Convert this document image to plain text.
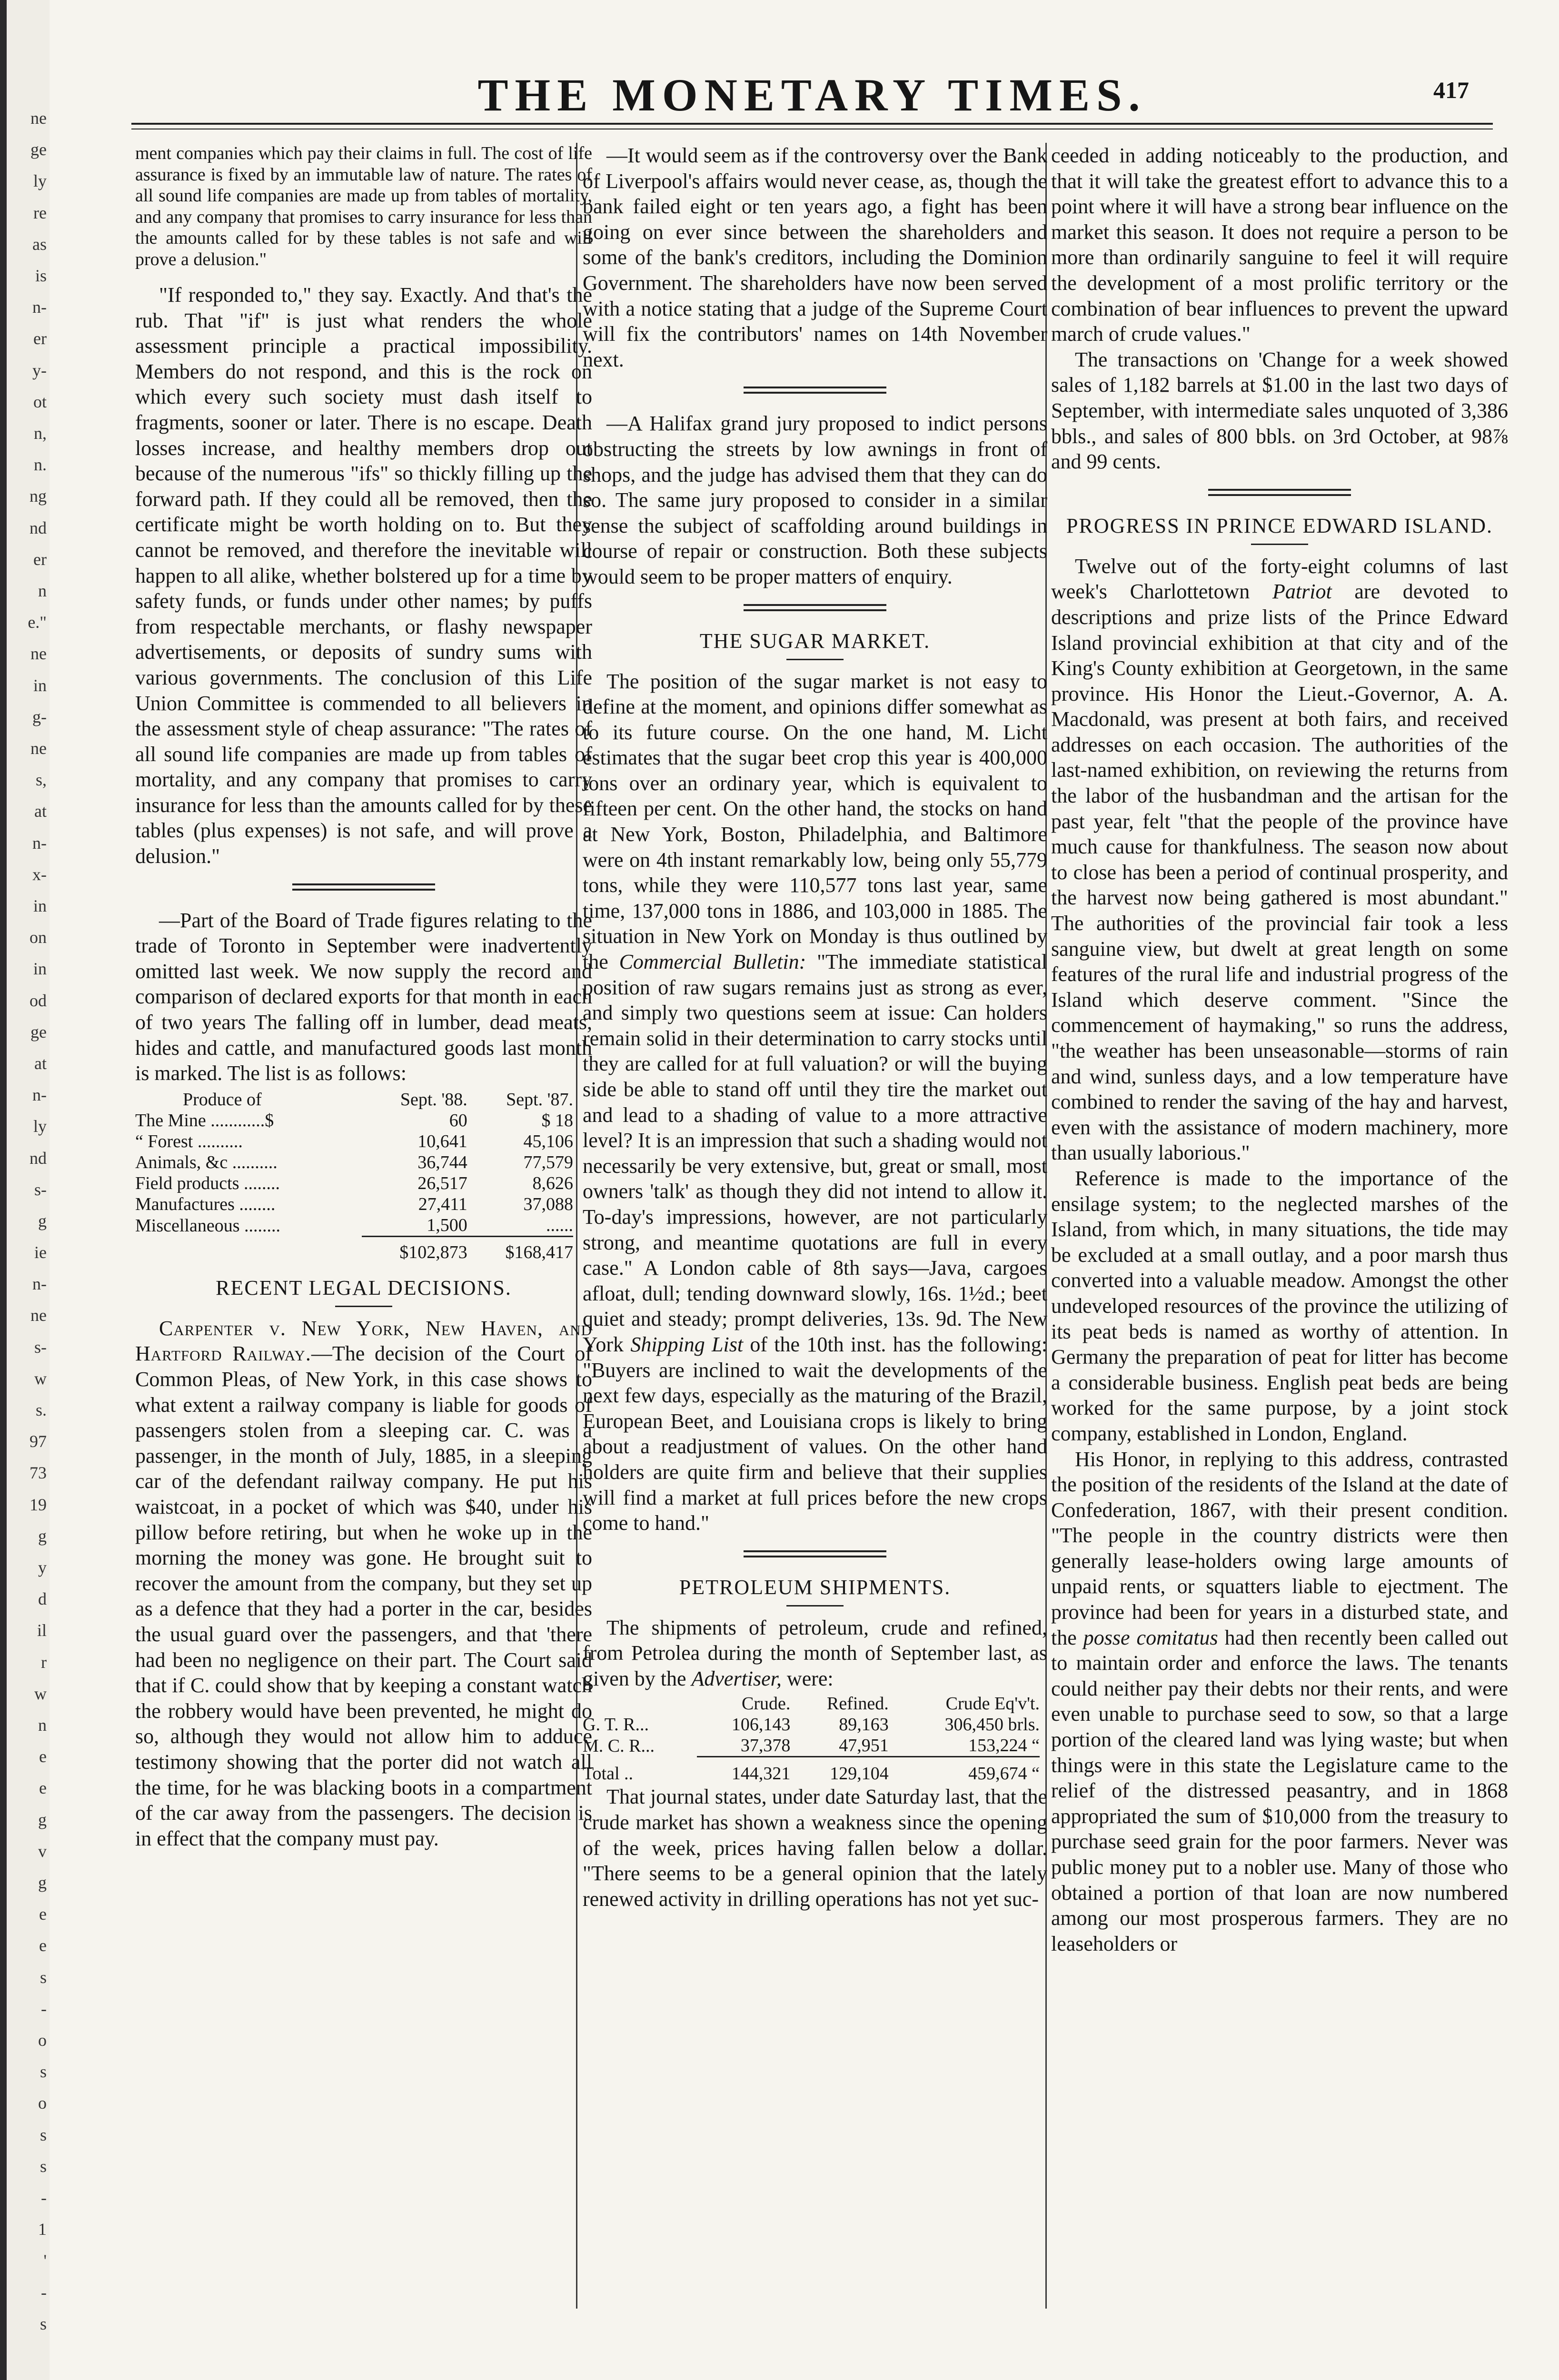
ne
ge
ly
re
as
is
n-
er
y-
ot
n,
n.
ng
nd
er
n
e."
ne
in
g-
ne
s,
at
n-
x-
in
on
in
od
ge
at
n-
ly
nd
s-
g
ie
n-
ne
s-
w
s.
97
73
19
g
y
d
il
r
w
n
e
e
g
v
g
e
e
s
-
o
s
o
s
s
-
1
'
-
s
THE MONETARY TIMES.	417

ment companies which pay their claims in full. The cost of life assurance is fixed by an immutable law of nature. The rates of all sound life companies are made up from tables of mortality, and any company that promises to carry insurance for less than the amounts called for by these tables is not safe and will prove a delusion."

"If responded to," they say. Exactly. And that's the rub. That "if" is just what renders the whole assessment principle a practical impossibility. Members do not respond, and this is the rock on which every such society must dash itself to fragments, sooner or later. There is no escape. Death losses increase, and healthy members drop out because of the numerous "ifs" so thickly filling up the forward path. If they could all be removed, then the certificate might be worth holding on to. But they cannot be removed, and therefore the inevitable will happen to all alike, whether bolstered up for a time by safety funds, or funds under other names; by puffs from respectable merchants, or flashy newspaper advertisements, or deposits of sundry sums with various governments. The conclusion of this Life Union Committee is commended to all believers in the assessment style of cheap assurance: "The rates of all sound life companies are made up from tables of mortality, and any company that promises to carry insurance for less than the amounts called for by these tables (plus expenses) is not safe, and will prove a delusion."

—Part of the Board of Trade figures relating to the trade of Toronto in September were inadvertently omitted last week. We now supply the record and comparison of declared exports for that month in each of two years The falling off in lumber, dead meats, hides and cattle, and manufactured goods last month is marked. The list is as follows:

Produce of	Sept. '88.	Sept. '87.
The Mine ............$	60	$ 18
“ Forest ..........	10,641	45,106
Animals, &c ..........	36,744	77,579
Field products ........	26,517	8,626
Manufactures ........	27,411	37,088
Miscellaneous ........	1,500	......
	$102,873	$168,417

RECENT LEGAL DECISIONS.

Carpenter v. New York, New Haven, and Hartford Railway.—The decision of the Court of Common Pleas, of New York, in this case shows to what extent a railway company is liable for goods of passengers stolen from a sleeping car. C. was a passenger, in the month of July, 1885, in a sleeping car of the defendant railway company. He put his waistcoat, in a pocket of which was $40, under his pillow before retiring, but when he woke up in the morning the money was gone. He brought suit to recover the amount from the company, but they set up as a defence that they had a porter in the car, besides the usual guard over the passengers, and that 'there had been no negligence on their part. The Court said that if C. could show that by keeping a constant watch the robbery would have been prevented, he might do so, although they would not allow him to adduce testimony showing that the porter did not watch all the time, for he was blacking boots in a compartment of the car away from the passengers. The decision is in effect that the company must pay.

—It would seem as if the controversy over the Bank of Liverpool's affairs would never cease, as, though the bank failed eight or ten years ago, a fight has been going on ever since between the shareholders and some of the bank's creditors, including the Dominion Government. The shareholders have now been served with a notice stating that a judge of the Supreme Court will fix the contributors' names on 14th November next.

—A Halifax grand jury proposed to indict persons obstructing the streets by low awnings in front of shops, and the judge has advised them that they can do so. The same jury proposed to consider in a similar sense the subject of scaffolding around buildings in course of repair or construction. Both these subjects would seem to be proper matters of enquiry.

THE SUGAR MARKET.

The position of the sugar market is not easy to define at the moment, and opinions differ somewhat as to its future course. On the one hand, M. Licht estimates that the sugar beet crop this year is 400,000 tons over an ordinary year, which is equivalent to fifteen per cent. On the other hand, the stocks on hand at New York, Boston, Philadelphia, and Baltimore were on 4th instant remarkably low, being only 55,779 tons, while they were 110,577 tons last year, same time, 137,000 tons in 1886, and 103,000 in 1885. The situation in New York on Monday is thus outlined by the Commercial Bulletin: "The immediate statistical position of raw sugars remains just as strong as ever, and simply two questions seem at issue: Can holders remain solid in their determination to carry stocks until they are called for at full valuation? or will the buying side be able to stand off until they tire the market out and lead to a shading of value to a more attractive level? It is an impression that such a shading would not necessarily be very extensive, but, great or small, most owners 'talk' as though they did not intend to allow it. To-day's impressions, however, are not particularly strong, and meantime quotations are full in every case." A London cable of 8th says—Java, cargoes afloat, dull; tending downward slowly, 16s. 1½d.; beet quiet and steady; prompt deliveries, 13s. 9d. The New York Shipping List of the 10th inst. has the following: "Buyers are inclined to wait the developments of the next few days, especially as the maturing of the Brazil, European Beet, and Louisiana crops is likely to bring about a readjustment of values. On the other hand holders are quite firm and believe that their supplies will find a market at full prices before the new crops come to hand."

PETROLEUM SHIPMENTS.

The shipments of petroleum, crude and refined, from Petrolea during the month of September last, as given by the Advertiser, were:

	Crude.	Refined.	Crude Eq'v't.
G. T. R...	106,143	89,163	306,450 brls.
M. C. R...	37,378	47,951	153,224 “
Total ..	144,321	129,104	459,674 “

That journal states, under date Saturday last, that the crude market has shown a weakness since the opening of the week, prices having fallen below a dollar. "There seems to be a general opinion that the lately renewed activity in drilling operations has not yet suc-

ceeded in adding noticeably to the production, and that it will take the greatest effort to advance this to a point where it will have a strong bear influence on the market this season. It does not require a person to be more than ordinarily sanguine to feel it will require the development of a most prolific territory or the combination of bear influences to prevent the upward march of crude values."

The transactions on 'Change for a week showed sales of 1,182 barrels at $1.00 in the last two days of September, with intermediate sales unquoted of 3,386 bbls., and sales of 800 bbls. on 3rd October, at 98⅞ and 99 cents.

PROGRESS IN PRINCE EDWARD ISLAND.

Twelve out of the forty-eight columns of last week's Charlottetown Patriot are devoted to descriptions and prize lists of the Prince Edward Island provincial exhibition at that city and of the King's County exhibition at Georgetown, in the same province. His Honor the Lieut.-Governor, A. A. Macdonald, was present at both fairs, and received addresses on each occasion. The authorities of the last-named exhibition, on reviewing the returns from the labor of the husbandman and the artisan for the past year, felt "that the people of the province have much cause for thankfulness. The season now about to close has been a period of continual prosperity, and the harvest now being gathered is most abundant." The authorities of the provincial fair took a less sanguine view, but dwelt at great length on some features of the rural life and industrial progress of the Island which deserve comment. "Since the commencement of haymaking," so runs the address, "the weather has been unseasonable—storms of rain and wind, sunless days, and a low temperature have combined to render the saving of the hay and harvest, even with the assistance of modern machinery, more than usually laborious."

Reference is made to the importance of the ensilage system; to the neglected marshes of the Island, from which, in many situations, the tide may be excluded at a small outlay, and a poor marsh thus converted into a valuable meadow. Amongst the other undeveloped resources of the province the utilizing of its peat beds is named as worthy of attention. In Germany the preparation of peat for litter has become a considerable business. English peat beds are being worked for the same purpose, by a joint stock company, established in London, England.

His Honor, in replying to this address, contrasted the position of the residents of the Island at the date of Confederation, 1867, with their present condition. "The people in the country districts were then generally lease-holders owing large amounts of unpaid rents, or squatters liable to ejectment. The province had been for years in a disturbed state, and the posse comitatus had then recently been called out to maintain order and enforce the laws. The tenants could neither pay their debts nor their rents, and were even unable to purchase seed to sow, so that a large portion of the cleared land was lying waste; but when things were in this state the Legislature came to the relief of the distressed peasantry, and in 1868 appropriated the sum of $10,000 from the treasury to purchase seed grain for the poor farmers. Never was public money put to a nobler use. Many of those who obtained a portion of that loan are now numbered among our most prosperous farmers. They are no leaseholders or
